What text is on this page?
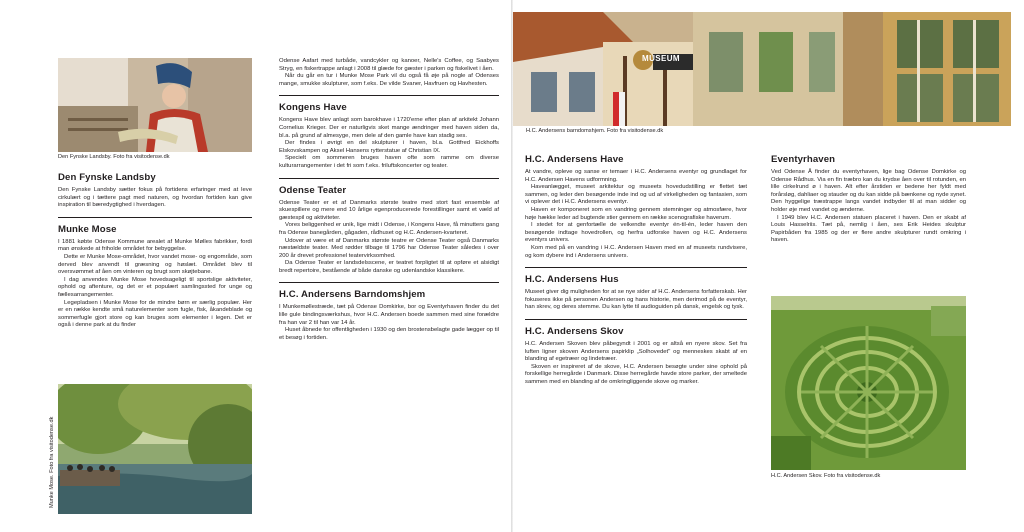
Den Fynske Landsby. Foto fra visitodense.dk
Den Fynske Landsby

Den Fynske Landsby sætter fokus på fortidens erfaringer med at leve cirkulært og i tættere pagt med naturen, og hvordan fortiden kan give inspiration til bæredygtighed i hverdagen.

Munke Mose

I 1881 købte Odense Kommune arealet af Munke Mølles fabrikker, fordi man ønskede at friholde området for bebyggelse.

Dette er Munke Mose-området, hvor vandet mose- og engområde, som derved blev anvendt til græsning og høslæt. Området blev til oversvømmet af åen om vinteren og brugt som skøjtebane.

I dag anvendes Munke Mose hovedsageligt til sportslige aktiviteter, ophold og aftenture, og det er et populært samlingssted for unge og fællesarrangementer.

Legepladsen i Munke Mose for de mindre børn er særlig populær. Her er en række kendte små naturelementer som fugle, fisk, åkandeblade og sommerfugle gjort store og kan bruges som elementer i legen. Det er også i denne park at du finder

Munke Mose. Foto fra visitodense.dk

Odense Aafart med turbåde, vandcykler og kanoer, Nelle's Coffee, og Saabyes Stryg, en fiskertrappe anlagt i 2008 til glæde for gæster i parken og fiskelivet i åen.

Når du går en tur i Munke Mose Park vil du også få øje på nogle af Odenses mange, smukke skulpturer, som f.eks. De vilde Svaner, Havfruen og Havhesten.

Kongens Have

Kongens Have blev anlagt som barokhave i 1720'erne efter plan af arkitekt Johann Cornelius Krieger. Der er naturligvis sket mange ændringer med haven siden da, bl.a. på grund af almesyge, men dele af den gamle have kan stadig ses.

Der findes i øvrigt en del skulpturer i haven, bl.a. Gottfred Eickhoffs Elskovskampen og Aksel Hansens rytterstatue af Christian IX.

Specielt om sommeren bruges haven ofte som ramme om diverse kulturarrangementer i det fri som f.eks. friluftskoncerter og teater.

Odense Teater

Odense Teater er et af Danmarks største teatre med stort fast ensemble af skuespillere og mere end 10 årlige egenproducerede forestillinger samt et væld af gæstespil og aktiviteter.

Vores beliggenhed er unik, lige midt i Odense, i Kongens Have, få minutters gang fra Odense banegården, gågaden, rådhuset og H.C. Andersen-kvarteret.

Udover at være et af Danmarks største teatre er Odense Teater også Danmarks næstældste teater. Med rødder tilbage til 1796 har Odense Teater således i over 200 år drevet professionel teatervirksomhed.

Da Odense Teater er landsdelsscene, er teatret forpligtet til at opføre et alsidigt bredt repertoire, bestående af både danske og udenlandske klassikere.

H.C. Andersens Barndomshjem

I Munkemøllestræde, tæt på Odense Domkirke, bor og Eventyrhaven finder du det lille gule bindingsværkshus, hvor H.C. Andersen boede sammen med sine forældre fra han var 2 til han var 14 år.

Huset åbnede for offentligheden i 1930 og den brostensbelagte gade lægger op til et besøg i fortiden.

MUSEUM
H.C. Andersens barndomshjem. Foto fra visitodense.dk
H.C. Andersens Have

At vandre, opleve og sanse er temaer i H.C. Andersens eventyr og grundlaget for H.C. Andersen Havens udformning.

Haveanlægget, museet arkitektur og museets hovedudstilling er flettet tæt sammen, og leder den besøgende inde ind og ud af virkeligheden og fantasien, som vi oplever det i H.C. Andersens eventyr.

Haven er komponeret som en vandring gennem stemninger og atmosfære, hvor høje hække leder ad bugtende stier gennem en række scenografiske haverum.

I stedet for at genfortælle de velkendte eventyr én-til-én, leder haven den besøgende indtage hovedrollen, og herfra udforske haven og H.C. Andersens eventyrs univers.

Kom med på en vandring i H.C. Andersen Haven med en af museets rundvisere, og kom dybere ind i Andersens univers.

H.C. Andersens Hus

Museet giver dig muligheden for at se nye sider af H.C. Andersens forfatterskab. Her fokuseres ikke på personen Andersen og hans historie, men derimod på de eventyr, han skrev, og deres stemme. Du kan lytte til audioguiden på dansk, engelsk og tysk.

H.C. Andersens Skov

H.C. Andersen Skoven blev påbegyndt i 2001 og er altså en nyere skov. Set fra luften ligner skoven Andersens papirklip „Solhovedet" og menneskes skabt af en blanding af egetræer og lindetræer.

Skoven er inspireret af de skove, H.C. Andersen besøgte under sine ophold på forskellige herregårde i Danmark. Disse herregårde havde store parker, der smeltede sammen med en blanding af de omkringliggende skove og marker.

Eventyrhaven

Ved Odense Å finder du eventyrhaven, lige bag Odense Domkirke og Odense Rådhus. Via en fin træbro kan du krydse åen over til rotunden, en lille cirkelrund ø i haven. Alt efter årstiden er bedene her fyldt med forårsløg, dahliaer og stauder og du kan sidde på bænkene og nyde synet. Den hyggelige træstrappe langs vandet indbyder til at man sidder og holder øje med vandet og ænderne.

I 1949 blev H.C. Andersen statuen placeret i haven. Den er skabt af Louis Hasselriis. Tæt på, nemlig i åen, ses Erik Heides skulptur Papirbåden fra 1985 og der er flere andre skulpturer rundt omkring i haven.

H.C. Andersen Skov. Foto fra visitodense.dk
